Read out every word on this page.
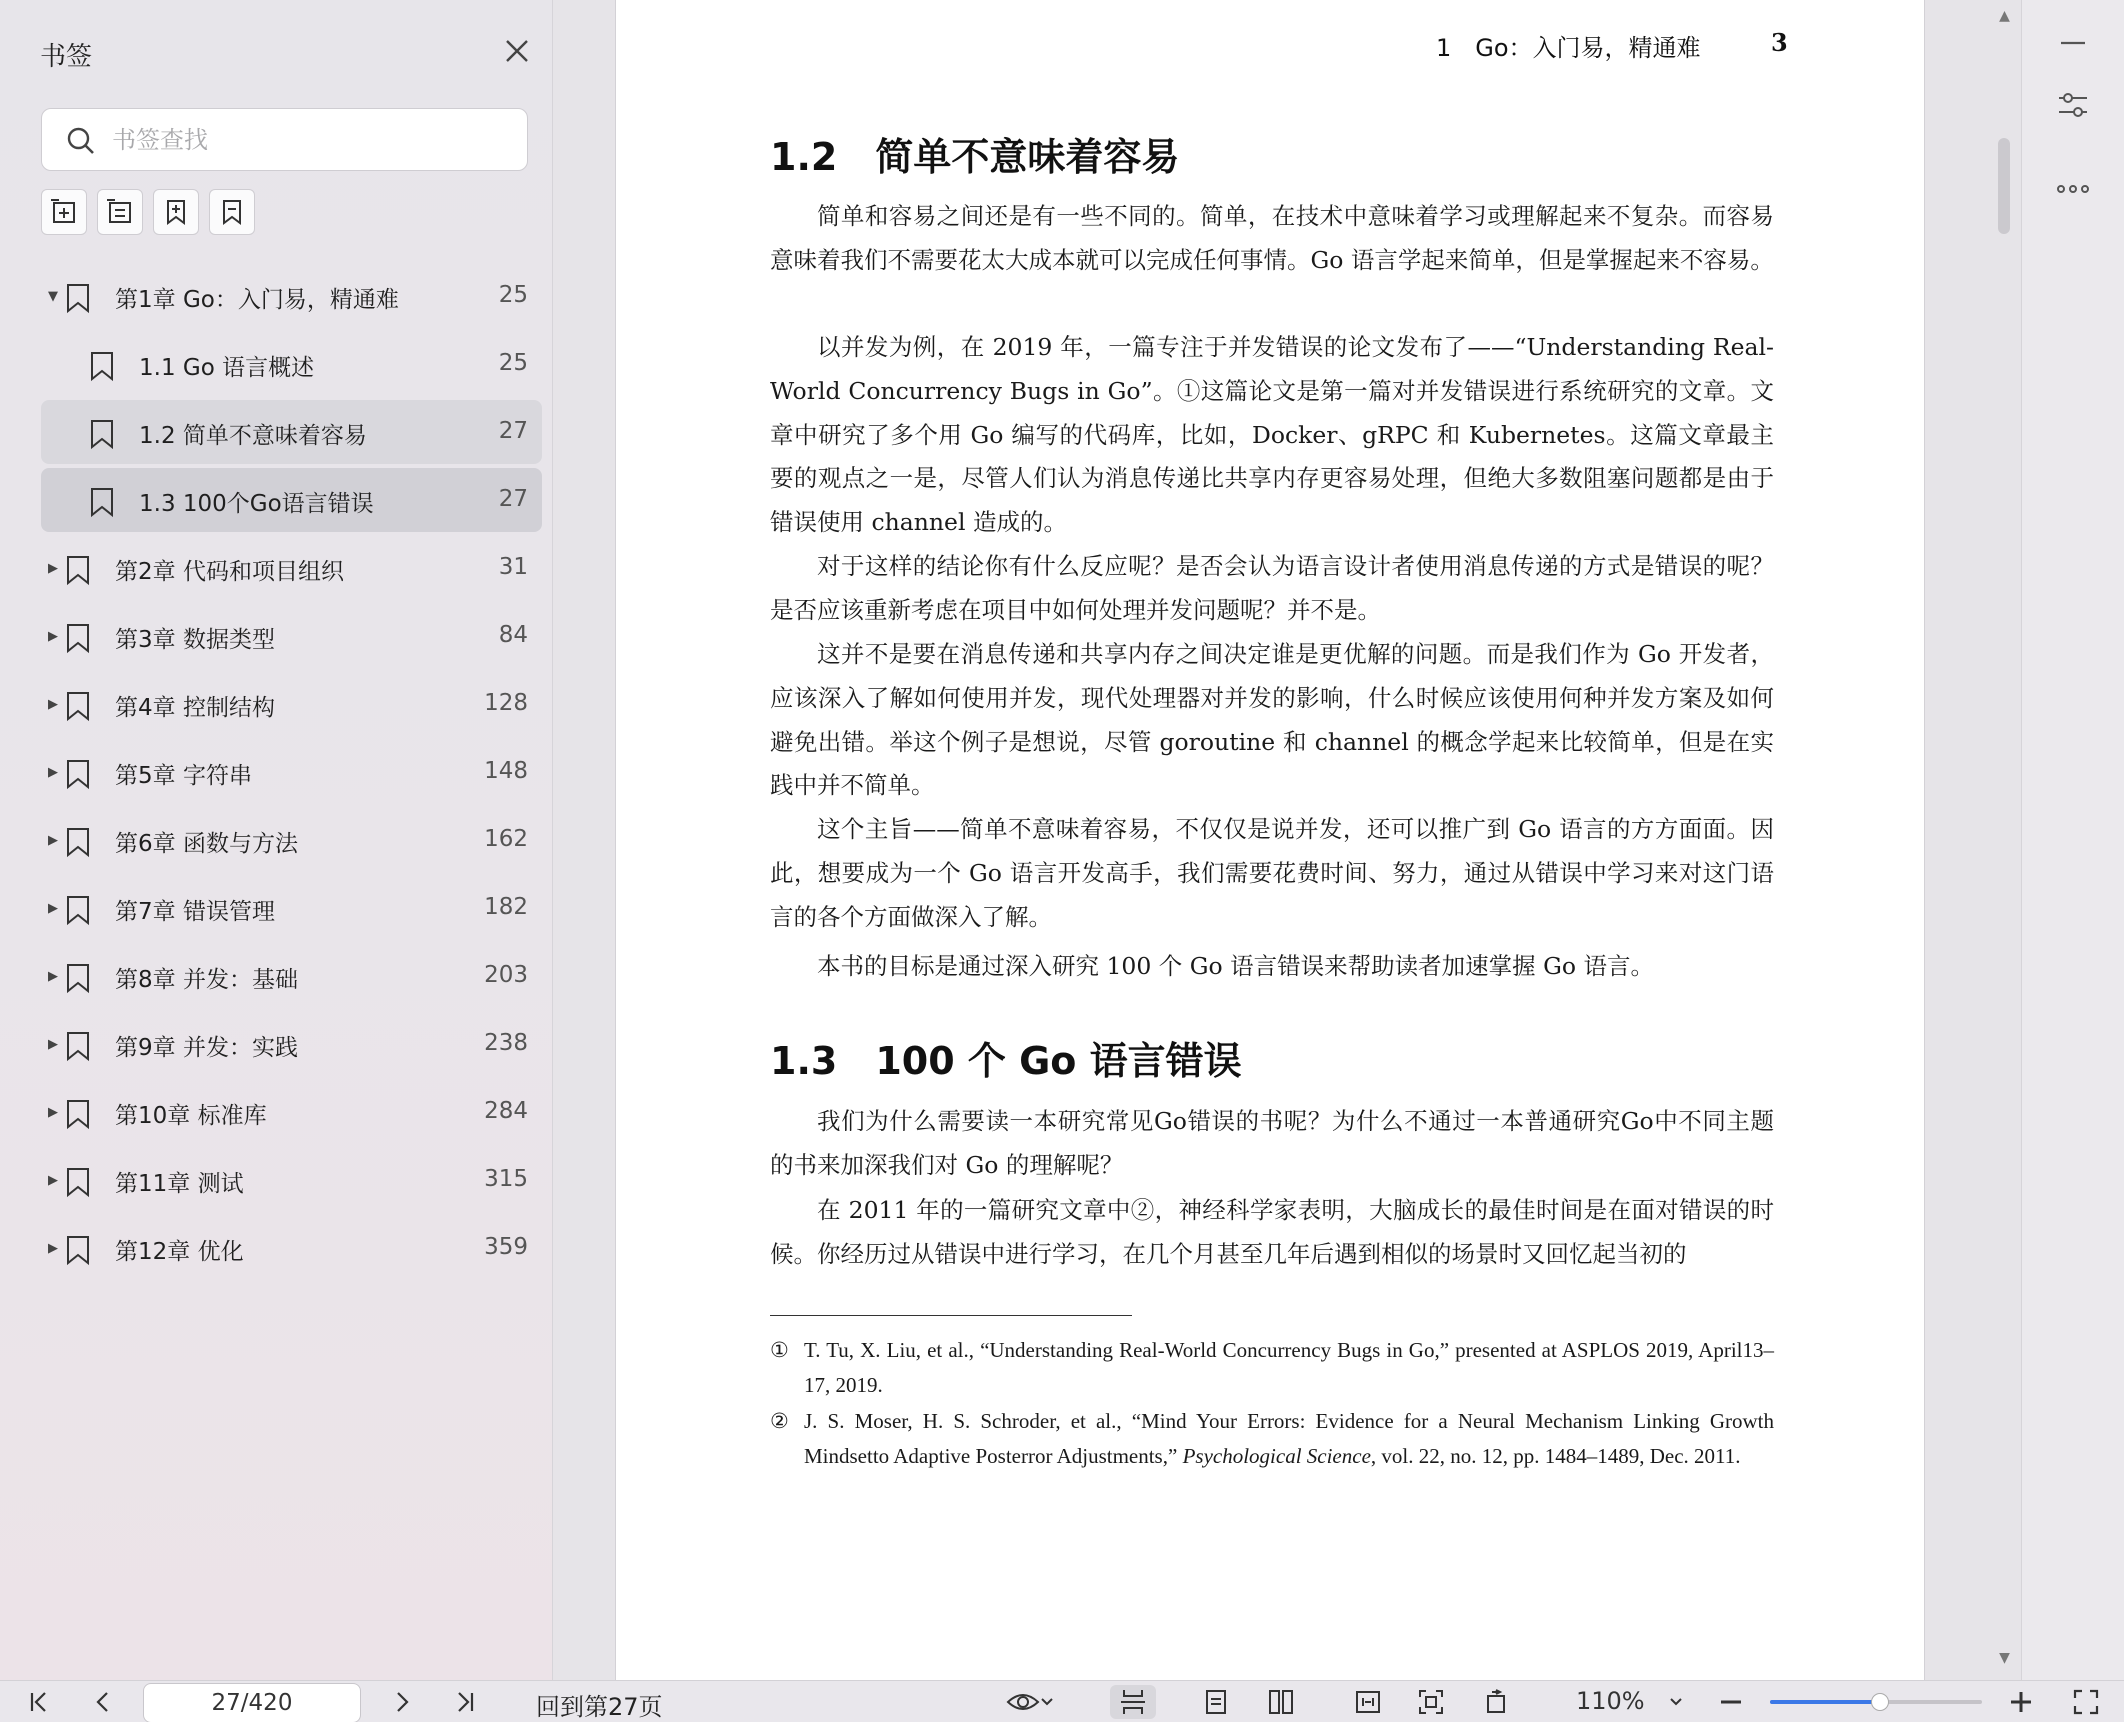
书签
书签查找
▼	第1章 Go：入门易，精通难	25
1.1 Go 语言概述	25
1.2 简单不意味着容易	27
1.3 100个Go语言错误	27
▶	第2章 代码和项目组织	31
▶	第3章 数据类型	84
▶	第4章 控制结构	128
▶	第5章 字符串	148
▶	第6章 函数与方法	162
▶	第7章 错误管理	182
▶	第8章 并发：基础	203
▶	第9章 并发：实践	238
▶	第10章 标准库	284
▶	第11章 测试	315
▶	第12章 优化	359
1　Go：入门易，精通难	3
1.2　简单不意味着容易

简单和容易之间还是有一些不同的。简单，在技术中意味着学习或理解起来不复杂。而容易意味着我们不需要花太大成本就可以完成任何事情。Go 语言学起来简单，但是掌握起来不容易。

以并发为例，在 2019 年，一篇专注于并发错误的论文发布了——“Understanding Real-World Concurrency Bugs in Go”。①这篇论文是第一篇对并发错误进行系统研究的文章。文章中研究了多个用 Go 编写的代码库，比如，Docker、gRPC 和 Kubernetes。这篇文章最主要的观点之一是，尽管人们认为消息传递比共享内存更容易处理，但绝大多数阻塞问题都是由于错误使用 channel 造成的。

对于这样的结论你有什么反应呢？是否会认为语言设计者使用消息传递的方式是错误的呢？是否应该重新考虑在项目中如何处理并发问题呢？并不是。

这并不是要在消息传递和共享内存之间决定谁是更优解的问题。而是我们作为 Go 开发者，应该深入了解如何使用并发，现代处理器对并发的影响，什么时候应该使用何种并发方案及如何避免出错。举这个例子是想说，尽管 goroutine 和 channel 的概念学起来比较简单，但是在实践中并不简单。

这个主旨——简单不意味着容易，不仅仅是说并发，还可以推广到 Go 语言的方方面面。因此，想要成为一个 Go 语言开发高手，我们需要花费时间、努力，通过从错误中学习来对这门语言的各个方面做深入了解。

本书的目标是通过深入研究 100 个 Go 语言错误来帮助读者加速掌握 Go 语言。

1.3　100 个 Go 语言错误

我们为什么需要读一本研究常见Go错误的书呢？为什么不通过一本普通研究Go中不同主题的书来加深我们对 Go 的理解呢？

在 2011 年的一篇研究文章中②，神经科学家表明，大脑成长的最佳时间是在面对错误的时候。你经历过从错误中进行学习，在几个月甚至几年后遇到相似的场景时又回忆起当初的

① T. Tu, X. Liu, et al., “Understanding Real-World Concurrency Bugs in Go,” presented at ASPLOS 2019, April13–17, 2019.
② J. S. Moser, H. S. Schroder, et al., “Mind Your Errors: Evidence for a Neural Mechanism Linking Growth Mindsetto Adaptive Posterror Adjustments,” Psychological Science, vol. 22, no. 12, pp. 1484–1489, Dec. 2011.
▲
▼
27/420	回到第27页	110%
